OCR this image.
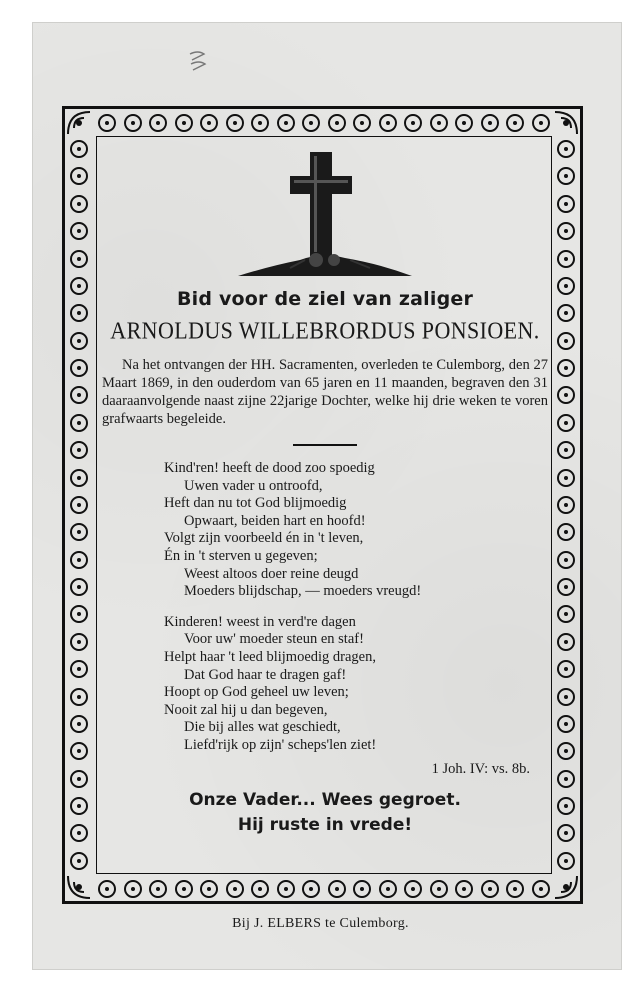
Bid voor de ziel van zaliger
ARNOLDUS WILLEBRORDUS PONSIOEN.
Na het ontvangen der HH. Sacramenten, overleden te Culemborg, den 27 Maart 1869, in den ouderdom van 65 jaren en 11 maanden, begraven den 31 daaraanvolgende naast zijne 22jarige Dochter, welke hij drie weken te voren grafwaarts begeleide.
Kind'ren! heeft de dood zoo spoedig
Uwen vader u ontroofd,
Heft dan nu tot God blijmoedig
Opwaart, beiden hart en hoofd!
Volgt zijn voorbeeld én in 't leven,
Én in 't sterven u gegeven;
Weest altoos doer reine deugd
Moeders blijdschap, — moeders vreugd!
Kinderen! weest in verd're dagen
Voor uw' moeder steun en staf!
Helpt haar 't leed blijmoedig dragen,
Dat God haar te dragen gaf!
Hoopt op God geheel uw leven;
Nooit zal hij u dan begeven,
Die bij alles wat geschiedt,
Liefd'rijk op zijn' scheps'len ziet!
1 Joh. IV: vs. 8b.
Onze Vader... Wees gegroet.
Hij ruste in vrede!
Bij J. ELBERS te Culemborg.
